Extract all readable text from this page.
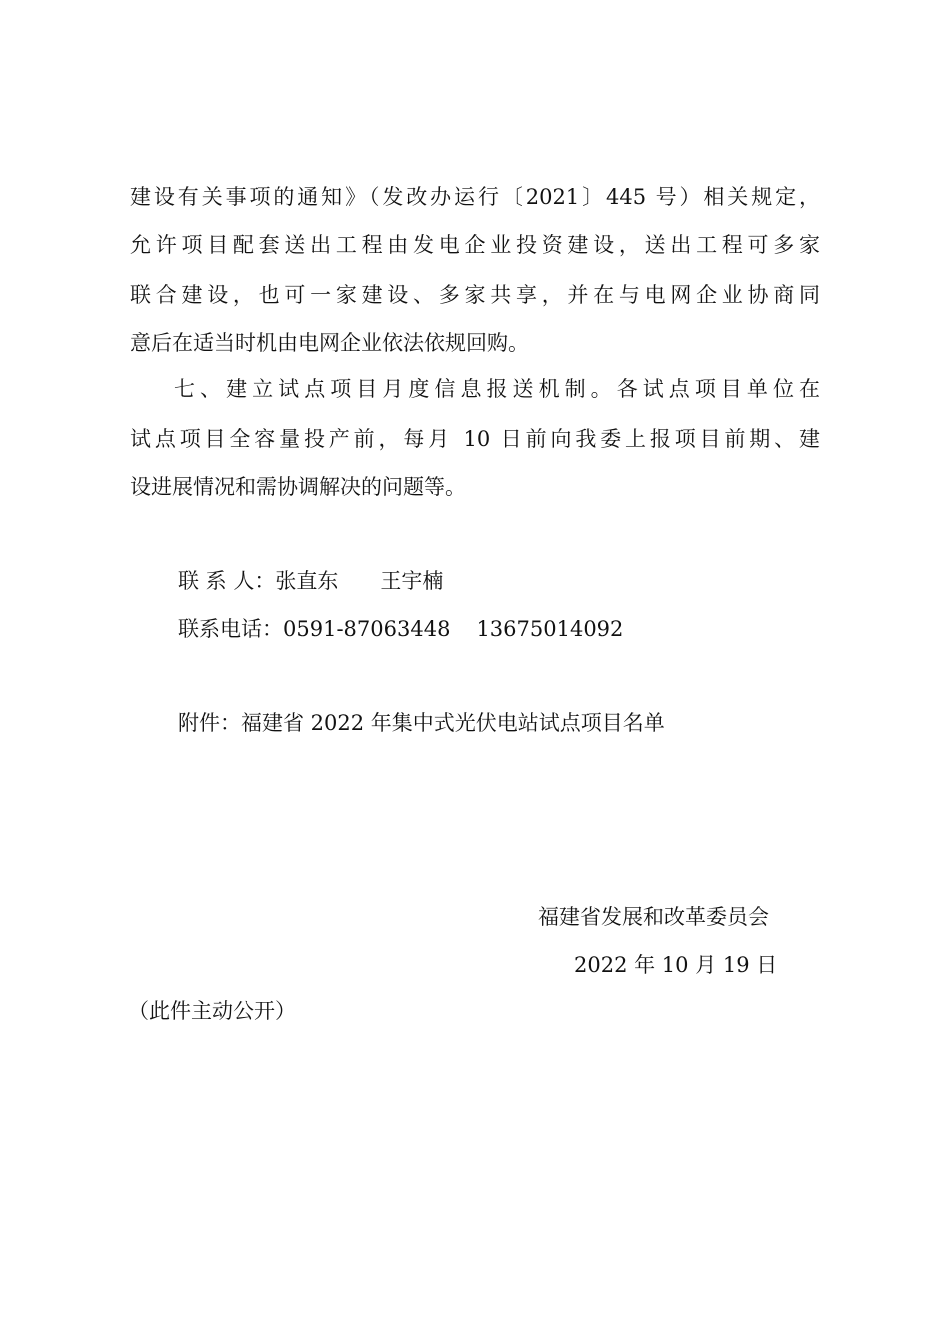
建设有关事项的通知》（发改办运行〔2021〕445 号）相关规定，
允许项目配套送出工程由发电企业投资建设，送出工程可多家
联合建设，也可一家建设、多家共享，并在与电网企业协商同
意后在适当时机由电网企业依法依规回购。
七、建立试点项目月度信息报送机制。各试点项目单位在
试点项目全容量投产前，每月 10 日前向我委上报项目前期、建
设进展情况和需协调解决的问题等。
联 系 人：张直东 王宇楠
联系电话：0591-87063448 13675014092
附件：福建省 2022 年集中式光伏电站试点项目名单
福建省发展和改革委员会
2022 年 10 月 19 日
（此件主动公开）
